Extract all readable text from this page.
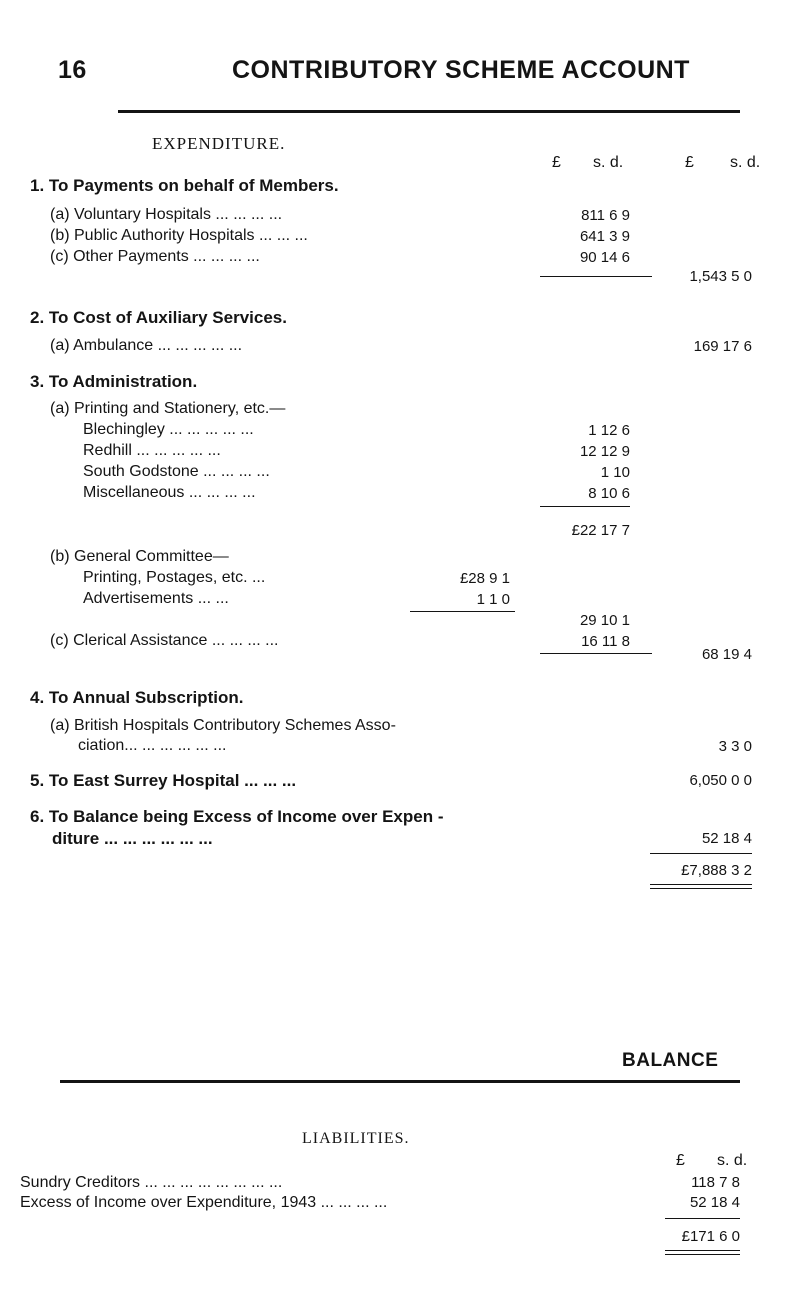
16	CONTRIBUTORY SCHEME ACCOUNT
EXPENDITURE.
£ s. d.	£ s. d.
1. To Payments on behalf of Members.
(a) Voluntary Hospitals ... ... ... ...	811 6 9
(b) Public Authority Hospitals ... ... ...	641 3 9
(c) Other Payments ... ... ... ...	90 14 6
1,543 5 0
2. To Cost of Auxiliary Services.
(a) Ambulance ... ... ... ... ...	169 17 6
3. To Administration.
(a) Printing and Stationery, etc.—
Blechingley ... ... ... ... ...	1 12 6
Redhill ... ... ... ... ...	12 12 9
South Godstone ... ... ... ...	1 10
Miscellaneous ... ... ... ...	8 10 6
£22 17 7
(b) General Committee—
Printing, Postages, etc. ...	£28 9 1
Advertisements ... ...	1 1 0
29 10 1
(c) Clerical Assistance ... ... ... ...	16 11 8
68 19 4
4. To Annual Subscription.
(a) British Hospitals Contributory Schemes Asso-
ciation... ... ... ... ... ...	3 3 0
5. To East Surrey Hospital ... ... ...	6,050 0 0
6. To Balance being Excess of Income over Expen -
diture ... ... ... ... ... ...	52 18 4
£7,888 3 2
BALANCE
LIABILITIES.
£ s. d.
Sundry Creditors ... ... ... ... ... ... ... ...	118 7 8
Excess of Income over Expenditure, 1943 ... ... ... ...	52 18 4
£171 6 0
